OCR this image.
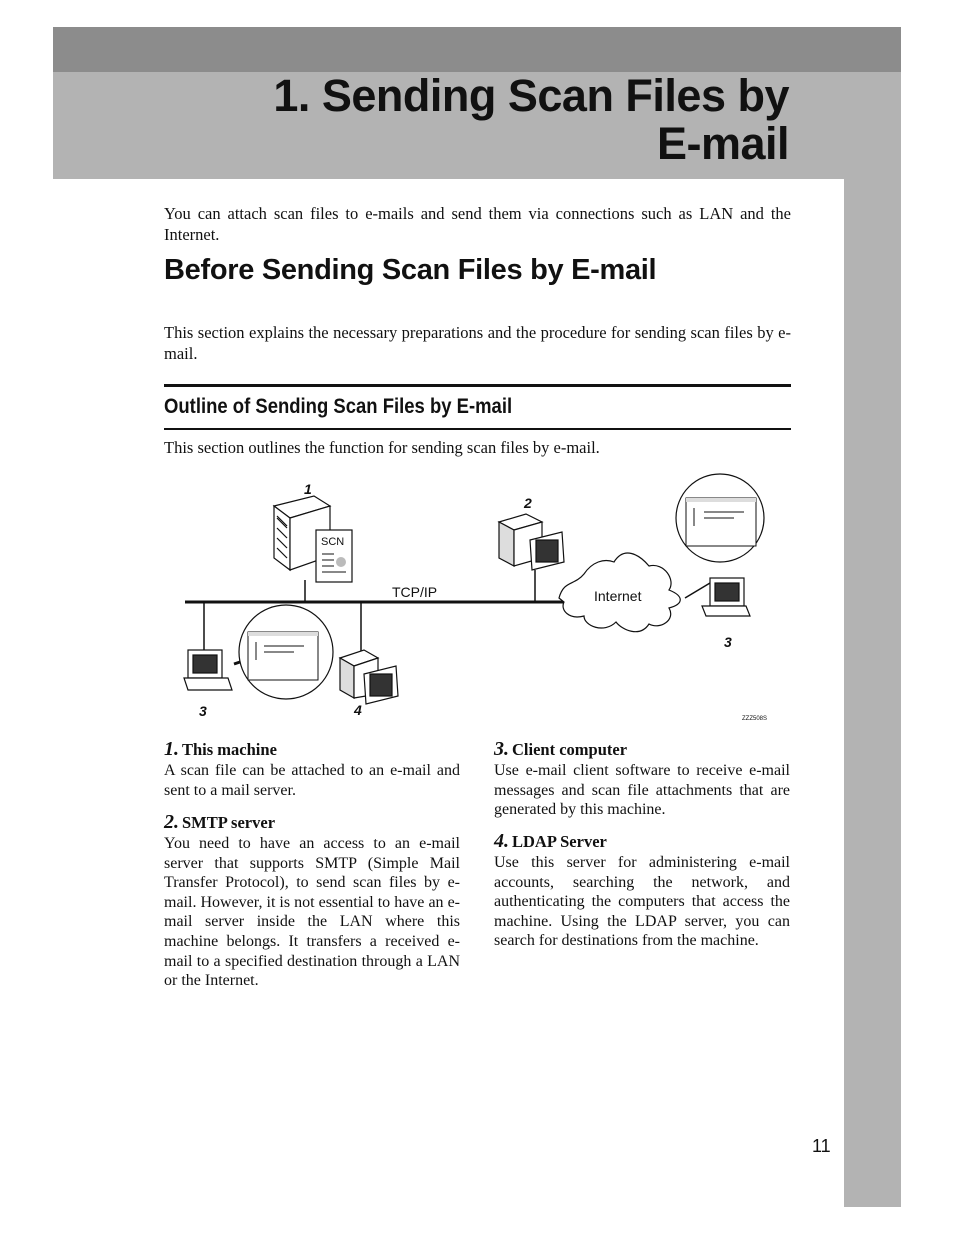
1. Sending Scan Files by
E-mail

You can attach scan files to e-mails and send them via connections such as LAN and the Internet.

Before Sending Scan Files by E-mail

This section explains the necessary preparations and the procedure for sending scan files by e-mail.

Outline of Sending Scan Files by E-mail

This section outlines the function for sending scan files by e-mail.

SCN
Internet
TCP/IP
1
2
3
3	4
ZZZ508S

1. This machine

A scan file can be attached to an e-mail and sent to a mail server.

2. SMTP server

You need to have an access to an e-mail server that supports SMTP (Simple Mail Transfer Protocol), to send scan files by e-mail. However, it is not essential to have an e-mail server inside the LAN where this machine belongs. It transfers a received e-mail to a specified destination through a LAN or the Internet.

3. Client computer

Use e-mail client software to receive e-mail messages and scan file attachments that are generated by this machine.

4. LDAP Server

Use this server for administering e-mail accounts, searching the network, and authenticating the computers that access the machine. Using the LDAP server, you can search for destinations from the machine.

11
